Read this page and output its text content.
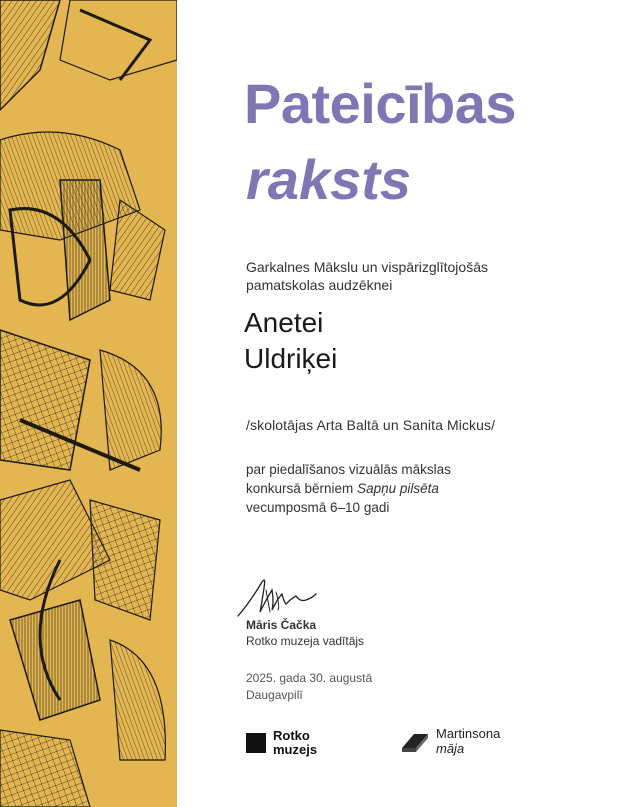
Pateicības
raksts
Garkalnes Mākslu un vispārizglītojošās
pamatskolas audzēknei
Anetei
Uldriķei
/skolotājas Arta Baltā un Sanita Mickus/
par piedalīšanos vizuālās mākslas
konkursā bērniem Sapņu pilsēta
vecumposmā 6–10 gadi
Māris Čačka
Rotko muzeja vadītājs
2025. gada 30. augustā
Daugavpilī
Rotko
muzejs
Martinsona
māja
